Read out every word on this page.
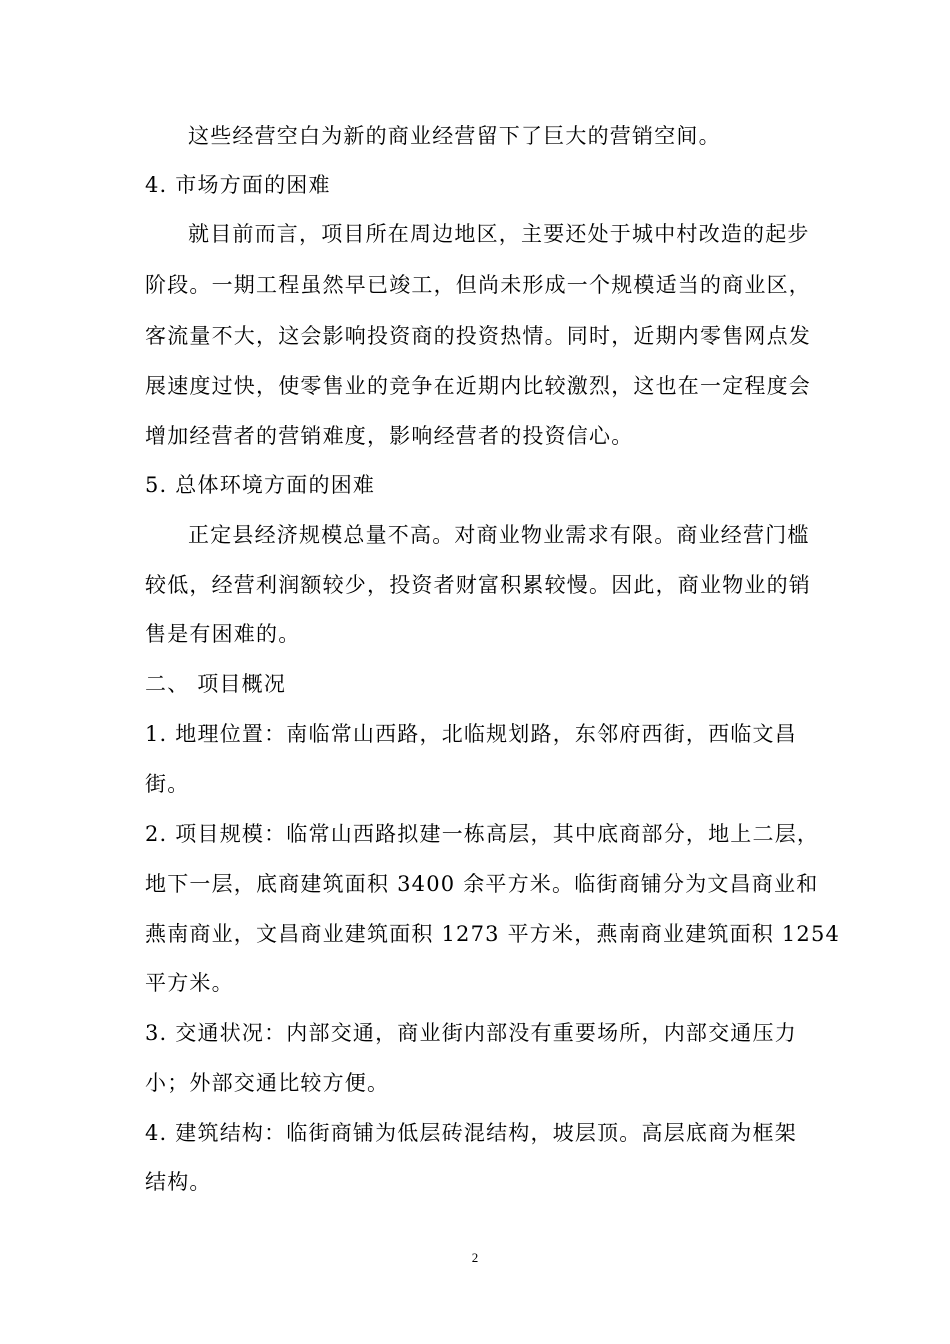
这些经营空白为新的商业经营留下了巨大的营销空间。
4. 市场方面的困难
就目前而言，项目所在周边地区，主要还处于城中村改造的起步
阶段。一期工程虽然早已竣工，但尚未形成一个规模适当的商业区，
客流量不大，这会影响投资商的投资热情。同时，近期内零售网点发
展速度过快，使零售业的竞争在近期内比较激烈，这也在一定程度会
增加经营者的营销难度，影响经营者的投资信心。
5. 总体环境方面的困难
正定县经济规模总量不高。对商业物业需求有限。商业经营门槛
较低，经营利润额较少，投资者财富积累较慢。因此，商业物业的销
售是有困难的。
二、 项目概况
1. 地理位置：南临常山西路，北临规划路，东邻府西街，西临文昌
街。
2. 项目规模：临常山西路拟建一栋高层，其中底商部分，地上二层，
地下一层，底商建筑面积 3400 余平方米。临街商铺分为文昌商业和
燕南商业，文昌商业建筑面积 1273 平方米，燕南商业建筑面积 1254
平方米。
3. 交通状况：内部交通，商业街内部没有重要场所，内部交通压力
小；外部交通比较方便。
4. 建筑结构：临街商铺为低层砖混结构，坡层顶。高层底商为框架
结构。
2
